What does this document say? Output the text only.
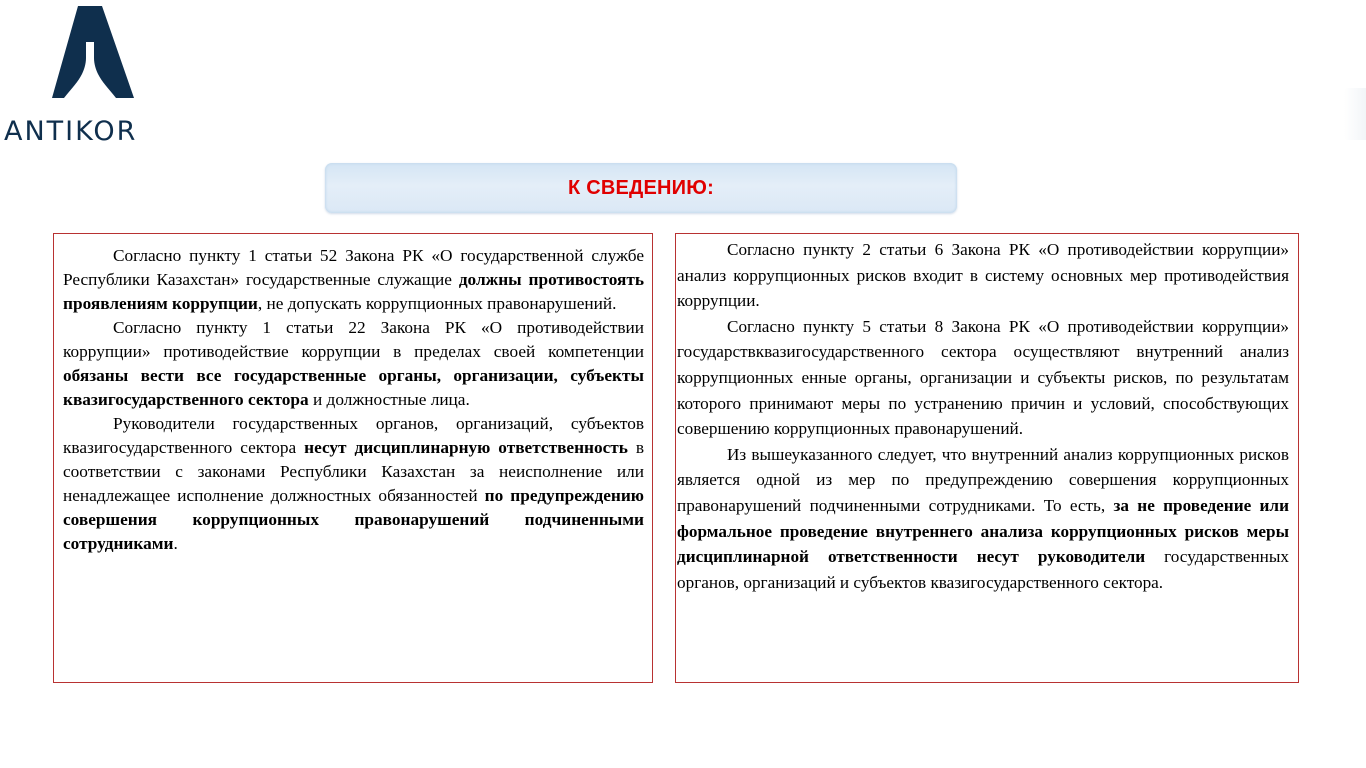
ANTIKOR
К СВЕДЕНИЮ:

Согласно пункту 1 статьи 52 Закона РК «О государственной службе Республики Казахстан» государственные служащие должны противостоять проявлениям коррупции, не допускать коррупционных правонарушений.

Согласно пункту 1 статьи 22 Закона РК «О противодействии коррупции» противодействие коррупции в пределах своей компетенции обязаны вести все государственные органы, организации, субъекты квазигосударственного сектора и должностные лица.

Руководители государственных органов, организаций, субъектов квазигосударственного сектора несут дисциплинарную ответственность в соответствии с законами Республики Казахстан за неисполнение или ненадлежащее исполнение должностных обязанностей по предупреждению совершения коррупционных правонарушений подчиненными сотрудниками.

Согласно пункту 2 статьи 6 Закона РК «О противодействии коррупции» анализ коррупционных рисков входит в систему основных мер противодействия коррупции.

Согласно пункту 5 статьи 8 Закона РК «О противодействии коррупции» государствквазигосударственного сектора осуществляют внутренний анализ коррупционных енные органы, организации и субъекты рисков, по результатам которого принимают меры по устранению причин и условий, способствующих совершению коррупционных правонарушений.

Из вышеуказанного следует, что внутренний анализ коррупционных рисков является одной из мер по предупреждению совершения коррупционных правонарушений подчиненными сотрудниками. То есть, за не проведение или формальное проведение внутреннего анализа коррупционных рисков меры дисциплинарной ответственности несут руководители государственных органов, организаций и субъектов квазигосударственного сектора.
